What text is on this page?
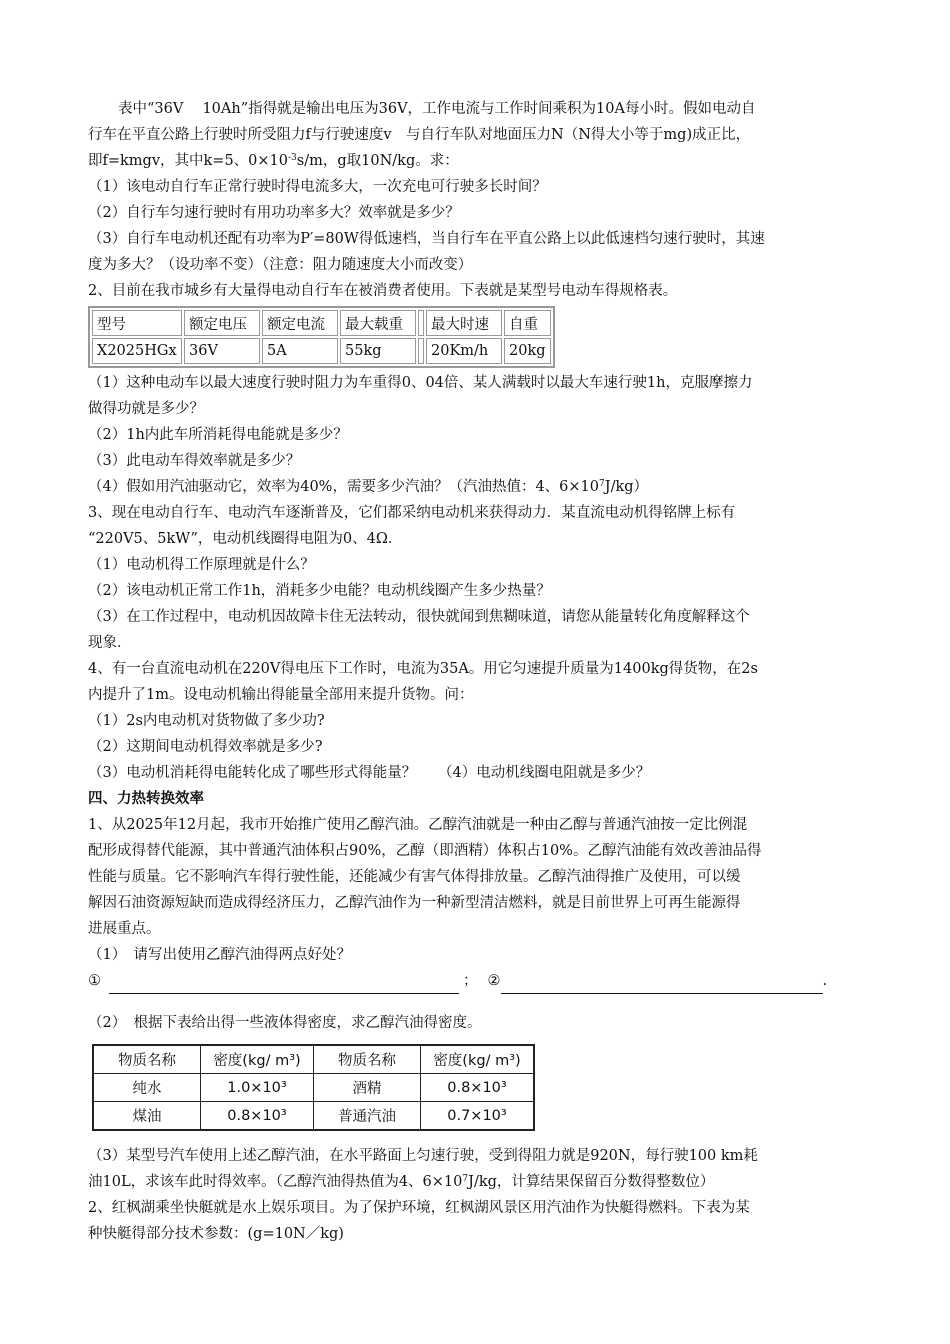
表中“36V　 10Ah”指得就是输出电压为36V，工作电流与工作时间乘积为10A每小时。假如电动自
行车在平直公路上行驶时所受阻力f与行驶速度v　与自行车队对地面压力N（N得大小等于mg)成正比，
即f=kmgv，其中k=5、$0\times 10^{-3}s/m$，g取10N/kg。求：
（1）该电动自行车正常行驶时得电流多大，一次充电可行驶多长时间？
（2）自行车匀速行驶时有用功功率多大？效率就是多少？
（3）自行车电动机还配有功率为P′=80W得低速档，当自行车在平直公路上以此低速档匀速行驶时，其速
度为多大？（设功率不变）（注意：阻力随速度大小而改变）
2、目前在我市城乡有大量得电动自行车在被消费者使用。下表就是某型号电动车得规格表。
型号	额定电压	额定电流	最大载重		最大时速	自重
X2025HGx	36V	5A	55kg		20Km/h	20kg
（1）这种电动车以最大速度行驶时阻力为车重得0、04倍、某人满载时以最大车速行驶1h，克服摩擦力
做得功就是多少？
（2）1h内此车所消耗得电能就是多少？
（3）此电动车得效率就是多少？
（4）假如用汽油驱动它，效率为40%，需要多少汽油？（汽油热值：4、$6\times 10^7J/kg$）
3、现在电动自行车、电动汽车逐渐普及，它们都采纳电动机来获得动力．某直流电动机得铭牌上标有
“220V5、5kW”，电动机线圈得电阻为0、4Ω．
（1）电动机得工作原理就是什么？
（2）该电动机正常工作1h，消耗多少电能？电动机线圈产生多少热量？
（3）在工作过程中，电动机因故障卡住无法转动，很快就闻到焦糊味道，请您从能量转化角度解释这个
现象．
4、有一台直流电动机在220V得电压下工作时，电流为35A。用它匀速提升质量为1400kg得货物，在2s
内提升了1m。设电动机输出得能量全部用来提升货物。问：
（1）2s内电动机对货物做了多少功?
（2）这期间电动机得效率就是多少?
（3）电动机消耗得电能转化成了哪些形式得能量？　　（4）电动机线圈电阻就是多少？
四、力热转换效率
1、从2025年12月起，我市开始推广使用乙醇汽油。乙醇汽油就是一种由乙醇与普通汽油按一定比例混
配形成得替代能源，其中普通汽油体积占90%，乙醇（即酒精）体积占10%。乙醇汽油能有效改善油品得
性能与质量。它不影响汽车得行驶性能，还能减少有害气体得排放量。乙醇汽油得推广及使用，可以缓
解因石油资源短缺而造成得经济压力，乙醇汽油作为一种新型清洁燃料，就是目前世界上可再生能源得
进展重点。
（1）　请写出使用乙醇汽油得两点好处？
①	； ②	.
（2）　根据下表给出得一些液体得密度，求乙醇汽油得密度。
物质名称	密度(kg/ m³)	物质名称	密度(kg/ m³)
纯水	1.0×10³	酒精	0.8×10³
煤油	0.8×10³	普通汽油	0.7×10³
（3）某型号汽车使用上述乙醇汽油，在水平路面上匀速行驶，受到得阻力就是920N，每行驶100 km耗
油10L，求该车此时得效率。（乙醇汽油得热值为4、$6\times 10^7J/kg$，计算结果保留百分数得整数位）
2、红枫湖乘坐快艇就是水上娱乐项目。为了保护环境，红枫湖风景区用汽油作为快艇得燃料。下表为某
种快艇得部分技术参数：(g=10N／kg)
